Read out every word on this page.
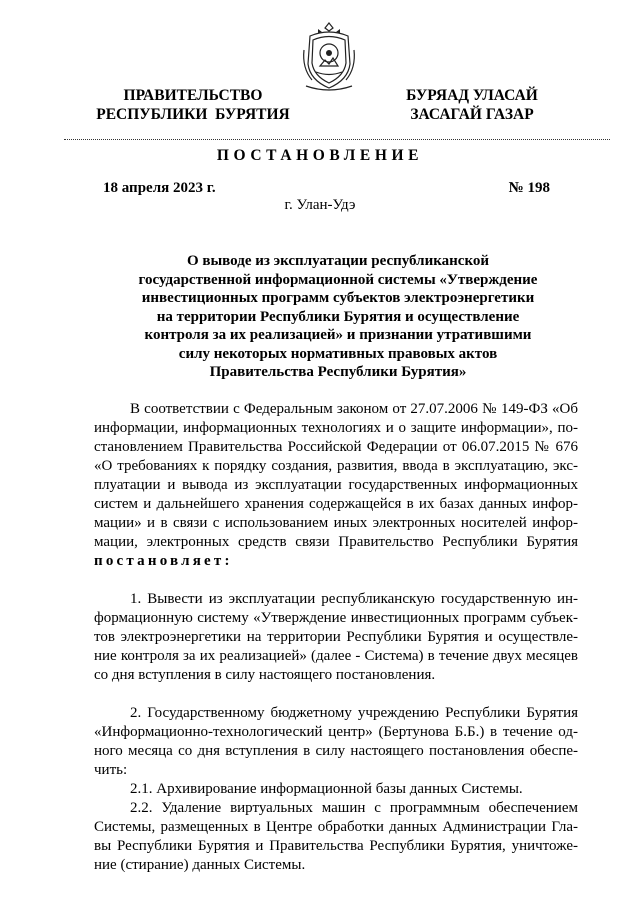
ПРАВИТЕЛЬСТВО
РЕСПУБЛИКИ  БУРЯТИЯ
БУРЯАД УЛАСАЙ
ЗАСАГАЙ ГАЗАР
ПОСТАНОВЛЕНИЕ
18 апреля 2023 г.	№ 198
г. Улан-Удэ
О выводе из эксплуатации республиканской
государственной информационной системы «Утверждение
инвестиционных программ субъектов электроэнергетики
на территории Республики Бурятия и осуществление
контроля за их реализацией» и признании утратившими
силу некоторых нормативных правовых актов
Правительства Республики Бурятия»
В соответствии с Федеральным законом от 27.07.2006 № 149-ФЗ «Об
информации, информационных технологиях и о защите информации», по-
становлением Правительства Российской Федерации от 06.07.2015 № 676
«О требованиях к порядку создания, развития, ввода в эксплуатацию, экс-
плуатации и вывода из эксплуатации государственных информационных
систем и дальнейшего хранения содержащейся в их базах данных инфор-
мации» и в связи с использованием иных электронных носителей инфор-
мации, электронных средств связи Правительство Республики Бурятия
постановляет:
1. Вывести из эксплуатации республиканскую государственную ин-
формационную систему «Утверждение инвестиционных программ субъек-
тов электроэнергетики на территории Республики Бурятия и осуществле-
ние контроля за их реализацией» (далее - Система) в течение двух месяцев
со дня вступления в силу настоящего постановления.
2. Государственному бюджетному учреждению Республики Бурятия
«Информационно-технологический центр» (Бертунова Б.Б.) в течение од-
ного месяца со дня вступления в силу настоящего постановления обеспе-
чить:
2.1. Архивирование информационной базы данных Системы.
2.2. Удаление виртуальных машин с программным обеспечением
Системы, размещенных в Центре обработки данных Администрации Гла-
вы Республики Бурятия и Правительства Республики Бурятия, уничтоже-
ние (стирание) данных Системы.
